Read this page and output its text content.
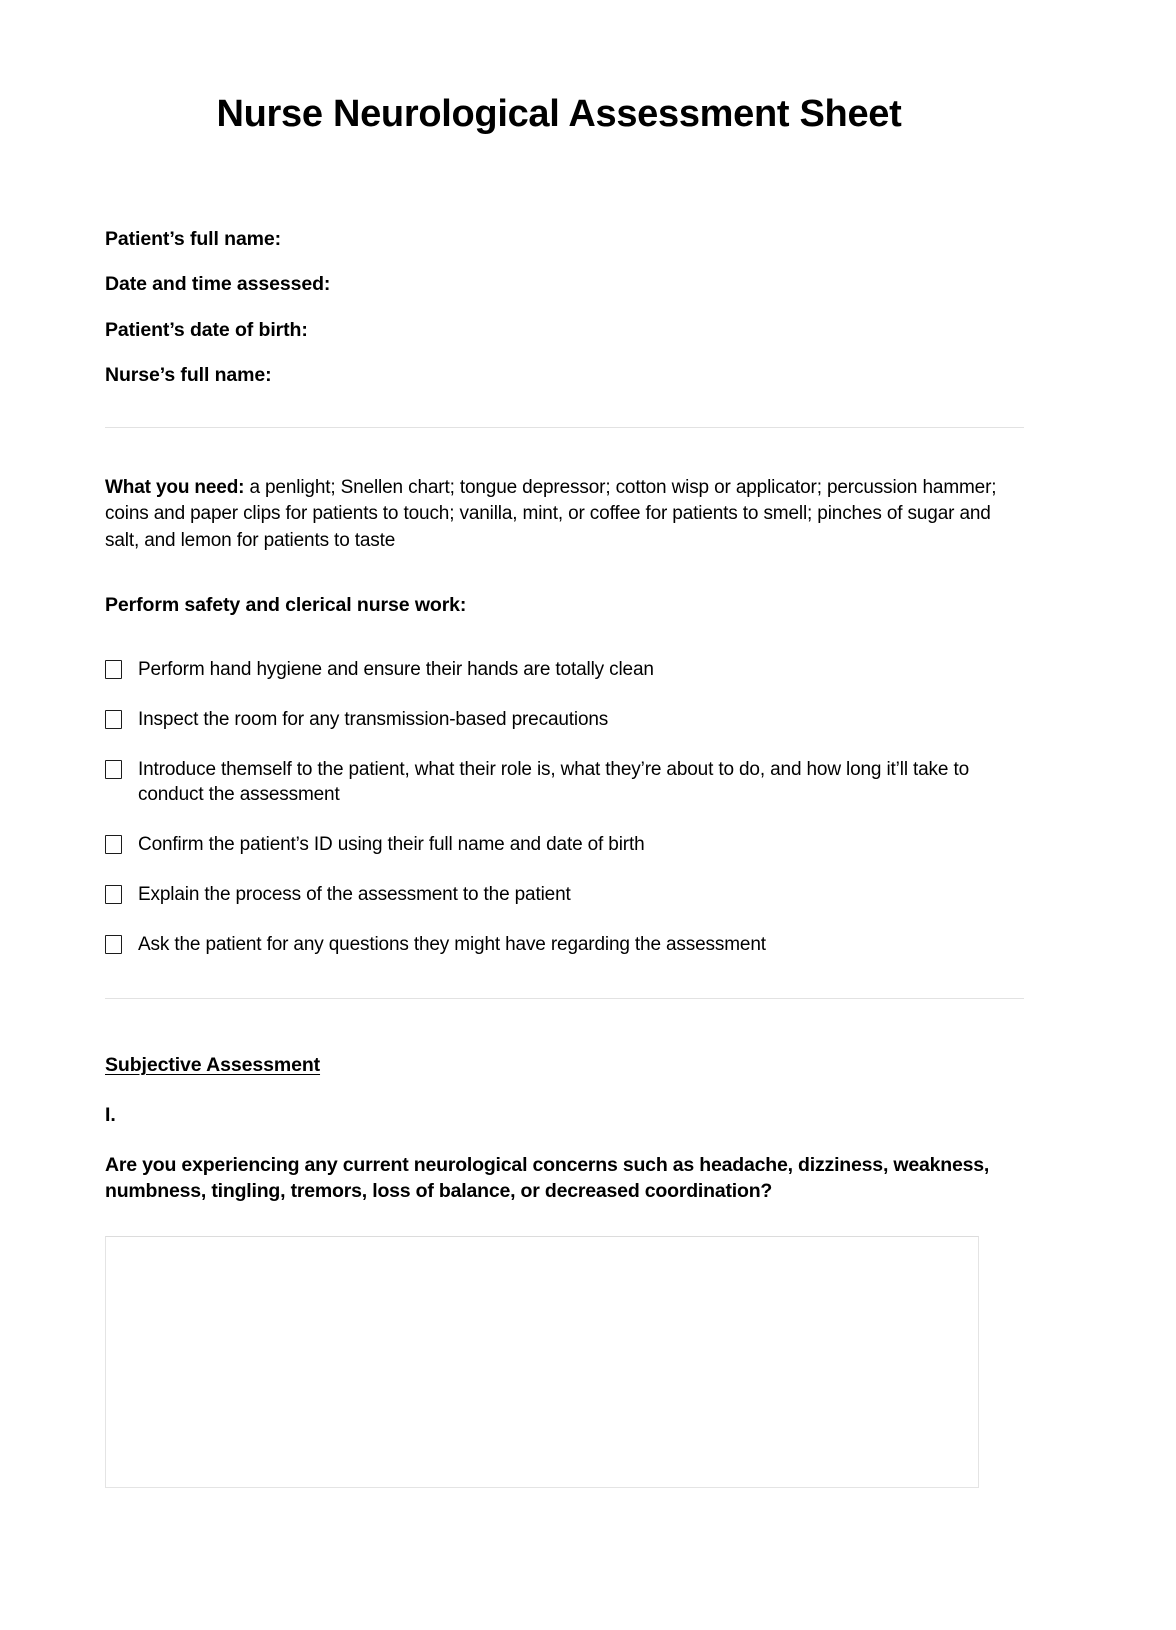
Nurse Neurological Assessment Sheet
Patient’s full name:
Date and time assessed:
Patient’s date of birth:
Nurse’s full name:

What you need: a penlight; Snellen chart; tongue depressor; cotton wisp or applicator; percussion hammer; coins and paper clips for patients to touch; vanilla, mint, or coffee for patients to smell; pinches of sugar and salt, and lemon for patients to taste

Perform safety and clerical nurse work:
Perform hand hygiene and ensure their hands are totally clean
Inspect the room for any transmission-based precautions
Introduce themself to the patient, what their role is, what they’re about to do, and how long it’ll take to conduct the assessment
Confirm the patient’s ID using their full name and date of birth
Explain the process of the assessment to the patient
Ask the patient for any questions they might have regarding the assessment
Subjective Assessment
I.
Are you experiencing any current neurological concerns such as headache, dizziness, weakness, numbness, tingling, tremors, loss of balance, or decreased coordination?
